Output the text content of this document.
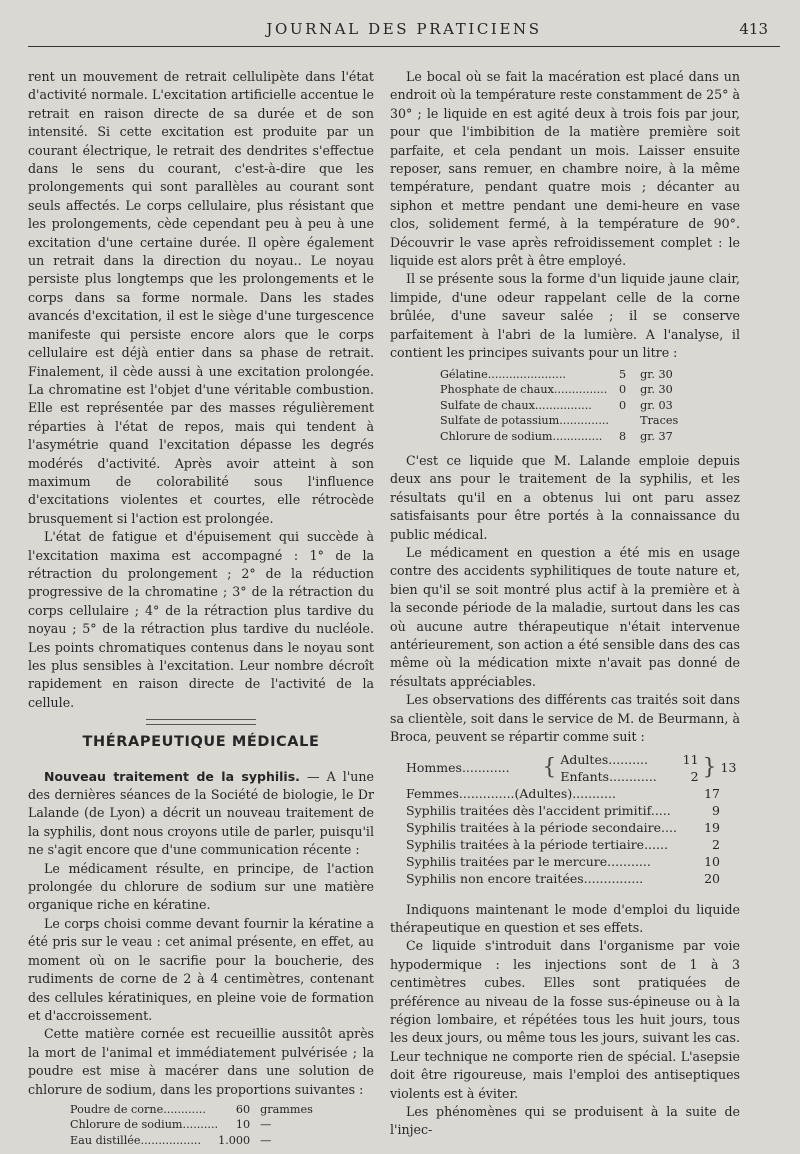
JOURNAL DES PRATICIENS	413

rent un mouvement de retrait cellulipète dans l'état d'activité normale. L'excitation artificielle accentue le retrait en raison directe de sa durée et de son intensité. Si cette excitation est produite par un courant électrique, le retrait des dendrites s'effectue dans le sens du courant, c'est-à-dire que les prolongements qui sont parallèles au courant sont seuls affectés. Le corps cellulaire, plus résistant que les prolongements, cède cependant peu à peu à une excitation d'une certaine durée. Il opère également un retrait dans la direction du noyau.. Le noyau persiste plus longtemps que les prolongements et le corps dans sa forme normale. Dans les stades avancés d'excitation, il est le siège d'une turgescence manifeste qui persiste encore alors que le corps cellulaire est déjà entier dans sa phase de retrait. Finalement, il cède aussi à une excitation prolongée. La chromatine est l'objet d'une véritable combustion. Elle est représentée par des masses régulièrement réparties à l'état de repos, mais qui tendent à l'asymétrie quand l'excitation dépasse les degrés modérés d'activité. Après avoir atteint à son maximum de colorabilité sous l'influence d'excitations violentes et courtes, elle rétrocède brusquement si l'action est prolongée.

L'état de fatigue et d'épuisement qui succède à l'excitation maxima est accompagné : 1° de la rétraction du prolongement ; 2° de la réduction progressive de la chromatine ; 3° de la rétraction du corps cellulaire ; 4° de la rétraction plus tardive du noyau ; 5° de la rétraction plus tardive du nucléole. Les points chromatiques contenus dans le noyau sont les plus sensibles à l'excitation. Leur nombre décroît rapidement en raison directe de l'activité de la cellule.

THÉRAPEUTIQUE MÉDICALE

Nouveau traitement de la syphilis. — A l'une des dernières séances de la Société de biologie, le Dr Lalande (de Lyon) a décrit un nouveau traitement de la syphilis, dont nous croyons utile de parler, puisqu'il ne s'agit encore que d'une communication récente :

Le médicament résulte, en principe, de l'action prolongée du chlorure de sodium sur une matière organique riche en kératine.

Le corps choisi comme devant fournir la kératine a été pris sur le veau : cet animal présente, en effet, au moment où on le sacrifie pour la boucherie, des rudiments de corne de 2 à 4 centimètres, contenant des cellules kératiniques, en pleine voie de formation et d'accroissement.

Cette matière cornée est recueillie aussitôt après la mort de l'animal et immédiatement pulvérisée ; la poudre est mise à macérer dans une solution de chlorure de sodium, dans les proportions suivantes :

Poudre de corne............	60	grammes
Chlorure de sodium..........	10	—
Eau distillée.................	1.000	—

Le bocal où se fait la macération est placé dans un endroit où la température reste constamment de 25° à 30° ; le liquide en est agité deux à trois fois par jour, pour que l'imbibition de la matière première soit parfaite, et cela pendant un mois. Laisser ensuite reposer, sans remuer, en chambre noire, à la même température, pendant quatre mois ; décanter au siphon et mettre pendant une demi-heure en vase clos, solidement fermé, à la température de 90°. Découvrir le vase après refroidissement complet : le liquide est alors prêt à être employé.

Il se présente sous la forme d'un liquide jaune clair, limpide, d'une odeur rappelant celle de la corne brûlée, d'une saveur salée ; il se conserve parfaitement à l'abri de la lumière. A l'analyse, il contient les principes suivants pour un litre :

Gélatine......................	5	gr. 30
Phosphate de chaux...............	0	gr. 30
Sulfate de chaux................	0	gr. 03
Sulfate de potassium..............		Traces
Chlorure de sodium..............	8	gr. 37

C'est ce liquide que M. Lalande emploie depuis deux ans pour le traitement de la syphilis, et les résultats qu'il en a obtenus lui ont paru assez satisfaisants pour être portés à la connaissance du public médical.

Le médicament en question a été mis en usage contre des accidents syphilitiques de toute nature et, bien qu'il se soit montré plus actif à la première et à la seconde période de la maladie, surtout dans les cas où aucune autre thérapeutique n'était intervenue antérieurement, son action a été sensible dans des cas même où la médication mixte n'avait pas donné de résultats appréciables.

Les observations des différents cas traités soit dans sa clientèle, soit dans le service de M. de Beurmann, à Broca, peuvent se répartir comme suit :

Hommes............	{ Adultes..........	11
Enfants............	2 } 13
Femmes..............(Adultes)...........	17
Syphilis traitées dès l'accident primitif.....	9
Syphilis traitées à la période secondaire....	19
Syphilis traitées à la période tertiaire......	2
Syphilis traitées par le mercure...........	10
Syphilis non encore traitées...............	20

Indiquons maintenant le mode d'emploi du liquide thérapeutique en question et ses effets.

Ce liquide s'introduit dans l'organisme par voie hypodermique : les injections sont de 1 à 3 centimètres cubes. Elles sont pratiquées de préférence au niveau de la fosse sus-épineuse ou à la région lombaire, et répétées tous les huit jours, tous les deux jours, ou même tous les jours, suivant les cas. Leur technique ne comporte rien de spécial. L'asepsie doit être rigoureuse, mais l'emploi des antiseptiques violents est à éviter.

Les phénomènes qui se produisent à la suite de l'injec-
